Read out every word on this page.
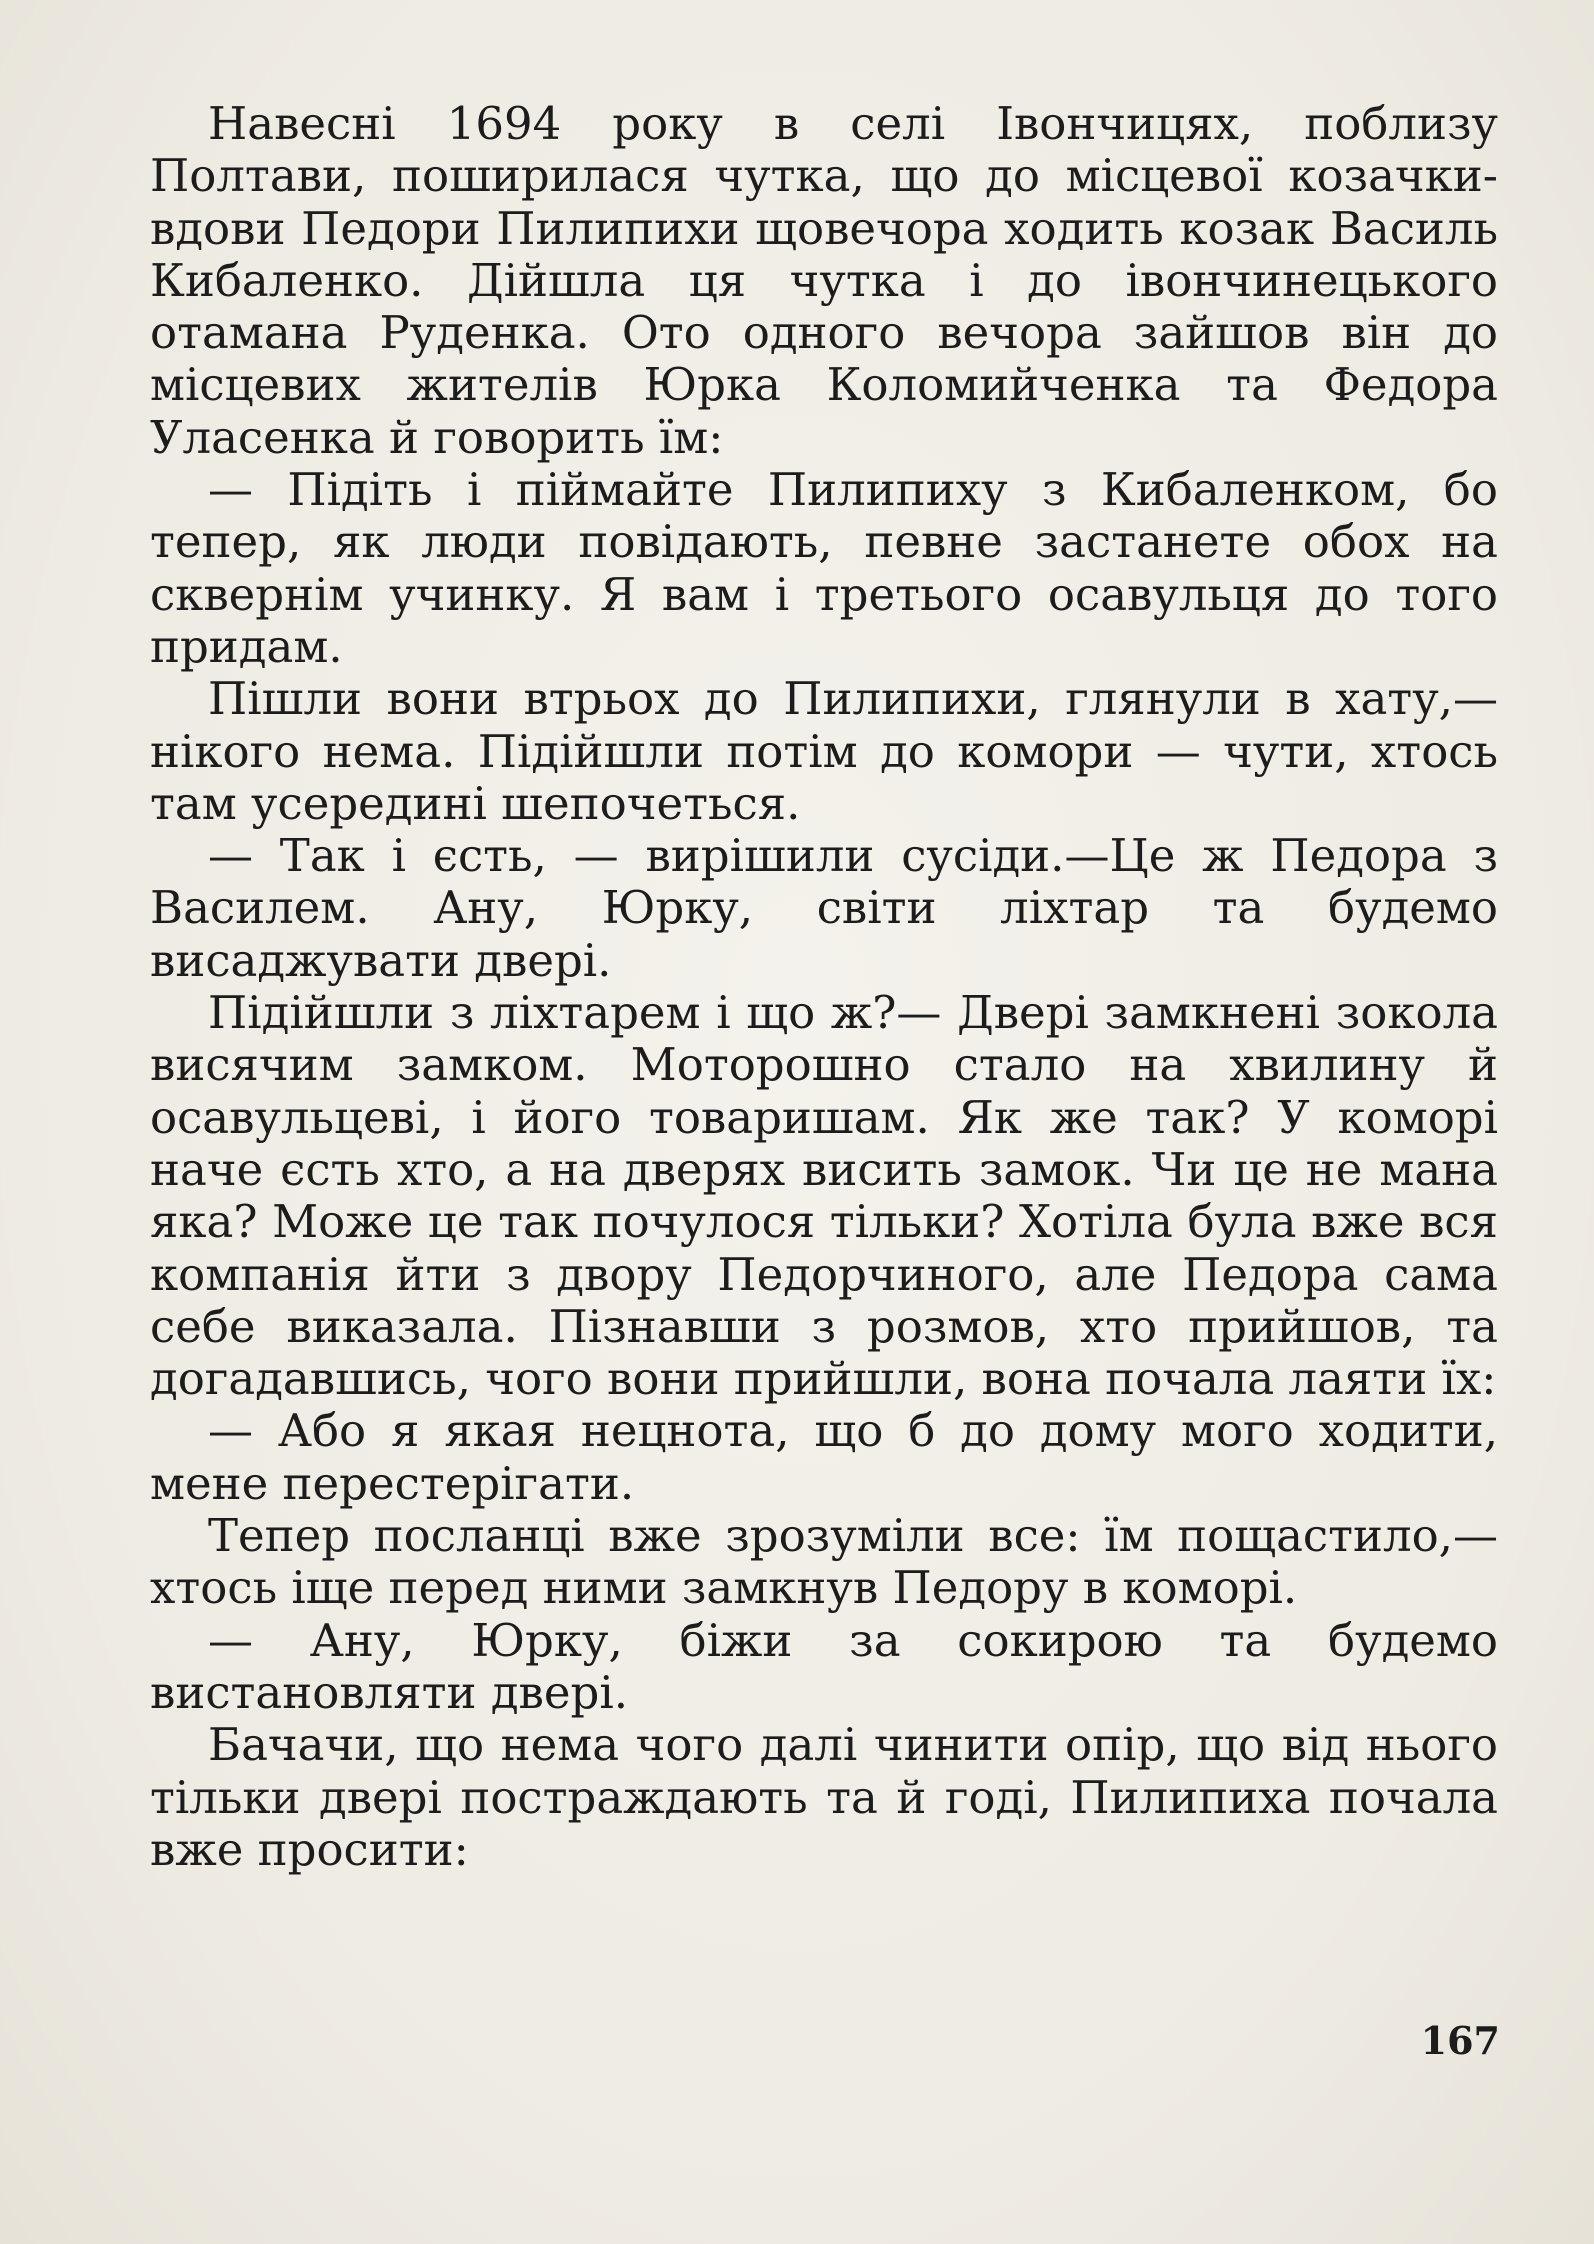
Навесні 1694 року в селі Івончицях, поблизу Полтави, поширилася чутка, що до місцевої козачки-вдови Педори Пилипихи щовечора ходить козак Василь Кибаленко. Дійшла ця чутка і до івончинецького отамана Руденка. Ото одного вечора зайшов він до місцевих жителів Юрка Коломийченка та Федора Уласенка й говорить їм:

— Підіть і піймайте Пилипиху з Кибаленком, бо тепер, як люди повідають, певне застанете обох на сквернім учинку. Я вам і третього осавульця до того придам.

Пішли вони втрьох до Пилипихи, глянули в хату,— нікого нема. Підійшли потім до комори — чути, хтось там усередині шепочеться.

— Так і єсть, — вирішили сусіди.—Це ж Педора з Василем. Ану, Юрку, світи ліхтар та будемо висаджувати двері.

Підійшли з ліхтарем і що ж?— Двері замкнені зокола висячим замком. Моторошно стало на хвилину й осавульцеві, і його товаришам. Як же так? У коморі наче єсть хто, а на дверях висить замок. Чи це не мана яка? Може це так почулося тільки? Хотіла була вже вся компанія йти з двору Педорчиного, але Педора сама себе виказала. Пізнавши з розмов, хто прийшов, та догадавшись, чого вони прийшли, вона почала лаяти їх:

— Або я якая нецнота, що б до дому мого ходити, мене перестерігати.

Тепер посланці вже зрозуміли все: їм пощастило,—хтось іще перед ними замкнув Педору в коморі.

— Ану, Юрку, біжи за сокирою та будемо вистановляти двері.

Бачачи, що нема чого далі чинити опір, що від нього тільки двері постраждають та й годі, Пилипиха почала вже просити:

167
